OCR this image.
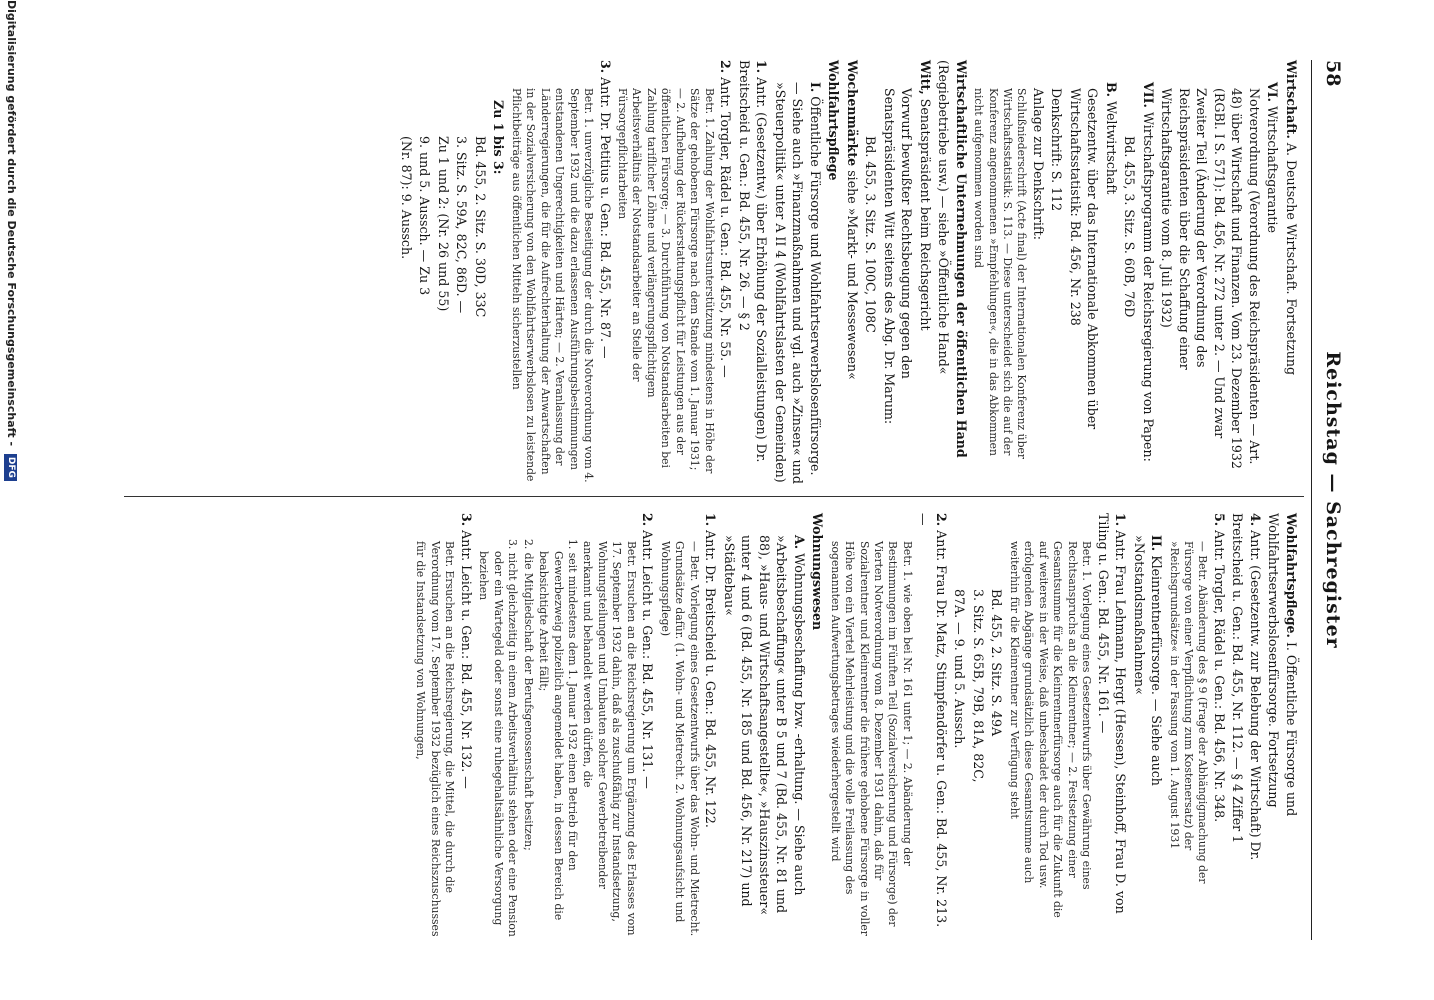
58
Reichstag — Sachregister
Wirtschaft. A. Deutsche Wirtschaft. Fortsetzung
VI. Wirtschaftsgarantie
Notverordnung (Verordnung des Reichspräsidenten — Art. 48) über Wirtschaft und Finanzen. Vom 23. Dezember 1932 (RGBl. I S. 571): Bd. 456, Nr. 272 unter 2. — Und zwar Zweiter Teil (Änderung der Verordnung des Reichspräsidenten über die Schaffung einer Wirtschaftsgarantie vom 8. Juli 1932)
VII. Wirtschaftsprogramm der Reichsregierung von Papen:
Bd. 455, 3. Sitz. S. 60B, 76D
B. Weltwirtschaft
Gesetzentw. über das Internationale Abkommen über Wirtschaftsstatistik: Bd. 456, Nr. 238
Denkschrift: S. 112
Anlage zur Denkschrift:
Schlußniederschrift (Acte final) der Internationalen Konferenz über Wirtschaftsstatistik: S. 113. — Diese unterscheidet sich die auf der Konferenz angenommenen »Empfehlungen«, die in das Abkommen nicht aufgenommen worden sind
Wirtschaftliche Unternehmungen der öffentlichen Hand (Regiebetriebe usw.) — siehe »Öffentliche Hand«
Witt, Senatspräsident beim Reichsgericht
Vorwurf bewußter Rechtsbeugung gegen den Senatspräsidenten Witt seitens des Abg. Dr. Marum:
Bd. 455, 3. Sitz. S. 100C, 108C
Wochenmärkte siehe »Markt- und Messewesen«
Wohlfahrtspflege
I. Öffentliche Fürsorge und Wohlfahrtserwerbslosenfürsorge. — Siehe auch »Finanzmaßnahmen und vgl. auch »Zinsen« und »Steuerpolitik« unter A II 4 (Wohlfahrtslasten der Gemeinden)
1. Antr. (Gesetzentw.) über Erhöhung der Sozialleistungen) Dr. Breitscheid u. Gen.: Bd. 455, Nr. 26. — § 2
2. Antr. Torgler, Rädel u. Gen.: Bd. 455, Nr. 55. —
Betr. 1. Zahlung der Wohlfahrtsunterstützung mindestens in Höhe der Sätze der gehobenen Fürsorge nach dem Stande vom 1. Januar 1931; — 2. Aufhebung der Rückerstattungspflicht für Leistungen aus der öffentlichen Fürsorge; — 3. Durchführung von Notstandsarbeiten bei Zahlung tariflicher Löhne und verlängerungspflichtigem Arbeitsverhältnis der Notstandsarbeiter an Stelle der Fürsorgepflichtarbeiten
3. Antr. Dr. Petitius u. Gen.: Bd. 455, Nr. 87. —
Betr. 1. unverzügliche Beseitigung der durch die Notverordnung vom 4. September 1932 und die dazu erlassenen Ausführungsbestimmungen entstandenen Ungerechtigkeiten und Härten; — 2. Veranlassung der Länderregierungen, die für die Aufrechterhaltung der Anwartschaften in der Sozialversicherung von den Wohlfahrtserwerbslosen zu leistende Pflichtbeiträge aus öffentlichen Mitteln sicherzustellen
Zu 1 bis 3:
Bd. 455, 2. Sitz. S. 30D, 33C
3. Sitz. S. 59A, 82C, 86D. —
Zu 1 und 2: (Nr. 26 und 55)
9. und 5. Aussch. — Zu 3
(Nr. 87): 9. Aussch.
Wohlfahrtspflege. I. Öffentliche Fürsorge und Wohlfahrtserwerbslosenfürsorge. Fortsetzung
4. Antr. (Gesetzentw. zur Belebung der Wirtschaft) Dr. Breitscheid u. Gen.: Bd. 455, Nr. 112. — § 4 Ziffer 1
5. Antr. Torgler, Rädel u. Gen.: Bd. 456, Nr. 348.
— Betr. Abänderung des § 9 (Frage der Abhängigmachung der Fürsorge von einer Verpflichtung zum Kostenersatz) der »Reichsgrundsätze« in der Fassung vom 1. August 1931
II. Kleinrentnerfürsorge. — Siehe auch »Notstandsmaßnahmen«
1. Antr. Frau Lehmann, Hergt (Hessen), Steinhoff, Frau D. von Tiling u. Gen.: Bd. 455, Nr. 161. —
Betr. 1. Vorlegung eines Gesetzentwurfs über Gewährung eines Rechtsanspruchs an die Kleinrentner; — 2. Festsetzung einer Gesamtsumme für die Kleinrentnerfürsorge auch für die Zukunft die auf weiteres in der Weise, daß unbeschadet der durch Tod usw. erfolgenden Abgänge grundsätzlich diese Gesamtsumme auch weiterhin für die Kleinrentner zur Verfügung steht
Bd. 455, 2. Sitz. S. 49A
3. Sitz. S. 65B, 79B, 81A, 82C,
87A. — 9. und 5. Aussch.
2. Antr. Frau Dr. Matz, Stimpfendörfer u. Gen.: Bd. 455, Nr. 213. —
Betr. 1. wie oben bei Nr. 161 unter 1; — 2. Abänderung der Bestimmungen im Fünften Teil (Sozialversicherung und Fürsorge) der Vierten Notverordnung vom 8. Dezember 1931 dahin, daß für Sozialrentner und Kleinrentner die frühere gehobene Fürsorge in voller Höhe von ein Viertel Mehrleistung und die volle Freilassung des sogenannten Aufwertungsbetrages wiederhergestellt wird
Wohnungswesen
A. Wohnungsbeschaffung bzw. -erhaltung. — Siehe auch »Arbeitsbeschaffung« unter B 5 und 7 (Bd. 455, Nr. 81 und 88), »Haus- und Wirtschaftsangestellte«, »Hauszinssteuer« unter 4 und 6 (Bd. 455, Nr. 185 und Bd. 456, Nr. 217) und »Städtebau«
1. Antr. Dr. Breitscheid u. Gen.: Bd. 455, Nr. 122.
— Betr. Vorlegung eines Gesetzentwurfs über das Wohn- und Mietrecht. Grundsätze dafür. (1. Wohn- und Mietrecht. 2. Wohnungsaufsicht und Wohnungspflege)
2. Antr. Leicht u. Gen.: Bd. 455, Nr. 131. —
Betr. Ersuchen an die Reichsregierung um Ergänzung des Erlasses vom 17. September 1932 dahin, daß als zuschußfähig zur Instandsetzung, Wohnungsteilungen und Umbauten solcher Gewerbetreibender anerkannt und behandelt werden dürfen, die
1. seit mindestens dem 1. Januar 1932 einen Betrieb für den Gewerbezweig polizeilich angemeldet haben, in dessen Bereich die beabsichtigte Arbeit fällt;
2. die Mitgliedschaft der Berufsgenossenschaft besitzen;
3. nicht gleichzeitig in einem Arbeitsverhältnis stehen oder eine Pension oder ein Wartegeld oder sonst eine ruhegehaltsähnliche Versorgung beziehen
3. Antr. Leicht u. Gen.: Bd. 455, Nr. 132. —
Betr. Ersuchen an die Reichsregierung, die Mittel, die durch die Verordnung vom 17. September 1932 bezüglich eines Reichszuschusses für die Instandsetzung von Wohnungen,
Digitalisierung gefördert durch die Deutsche Forschungsgemeinschaft - DFG
